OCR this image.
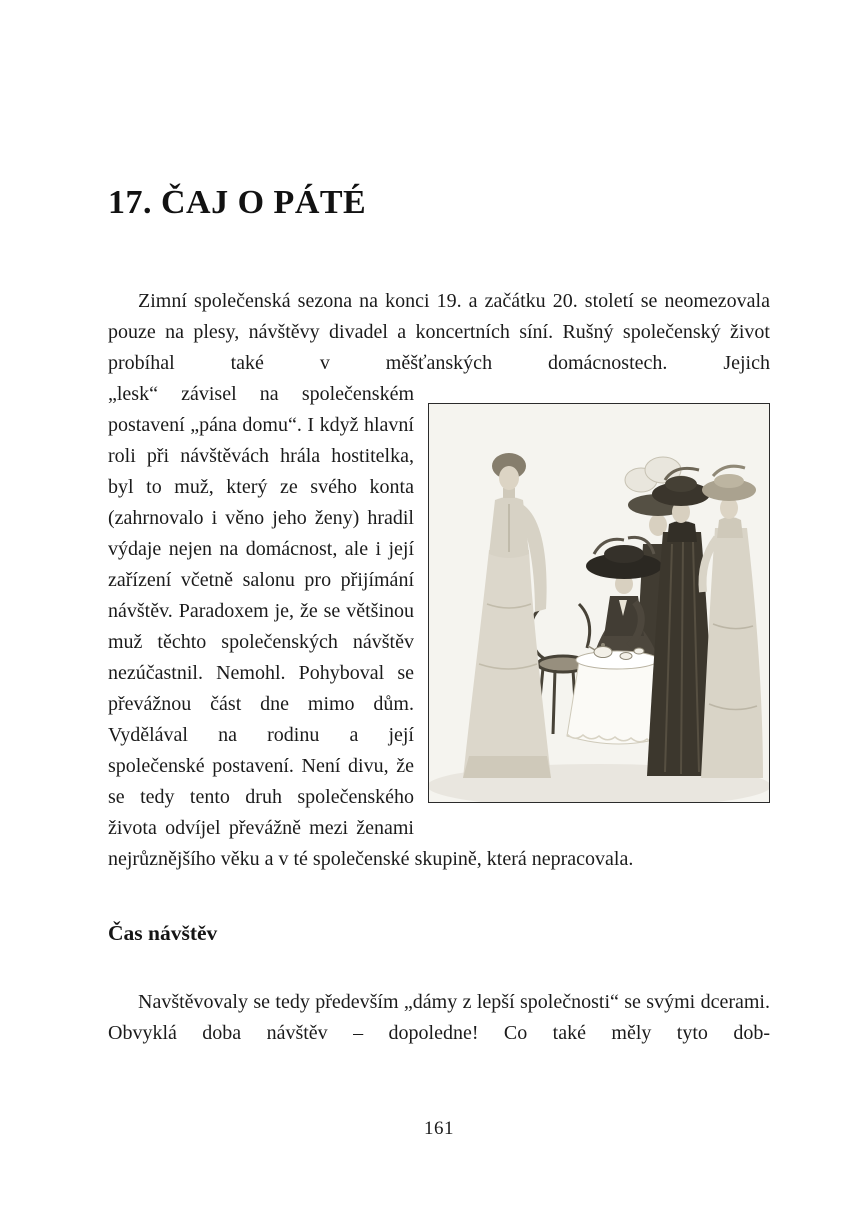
17. ČAJ O PÁTÉ

Zimní společenská sezona na konci 19. a začátku 20. století se neomezovala pouze na plesy, návštěvy divadel a koncertních síní. Rušný společenský život probíhal také v měšťanských domácnostech. Jejich

„lesk“ závisel na společenském postavení „pána domu“. I když hlavní roli při návštěvách hrála hostitelka, byl to muž, který ze svého konta (zahrnovalo i věno jeho ženy) hradil výdaje nejen na domácnost, ale i její zařízení včetně salonu pro přijímání návštěv. Paradoxem je, že se většinou muž těchto společenských návštěv nezúčastnil. Nemohl. Pohyboval se převážnou část dne mimo dům. Vydělával na rodinu a její společenské postavení. Není divu, že se tedy tento druh společenského života odvíjel převážně mezi ženami nejrůznějšího věku a v té společenské skupině, která nepracovala.

Čas návštěv

Navštěvovaly se tedy především „dámy z lepší společnosti“ se svými dcerami. Obvyklá doba návštěv – dopoledne! Co také měly tyto dob-

161
